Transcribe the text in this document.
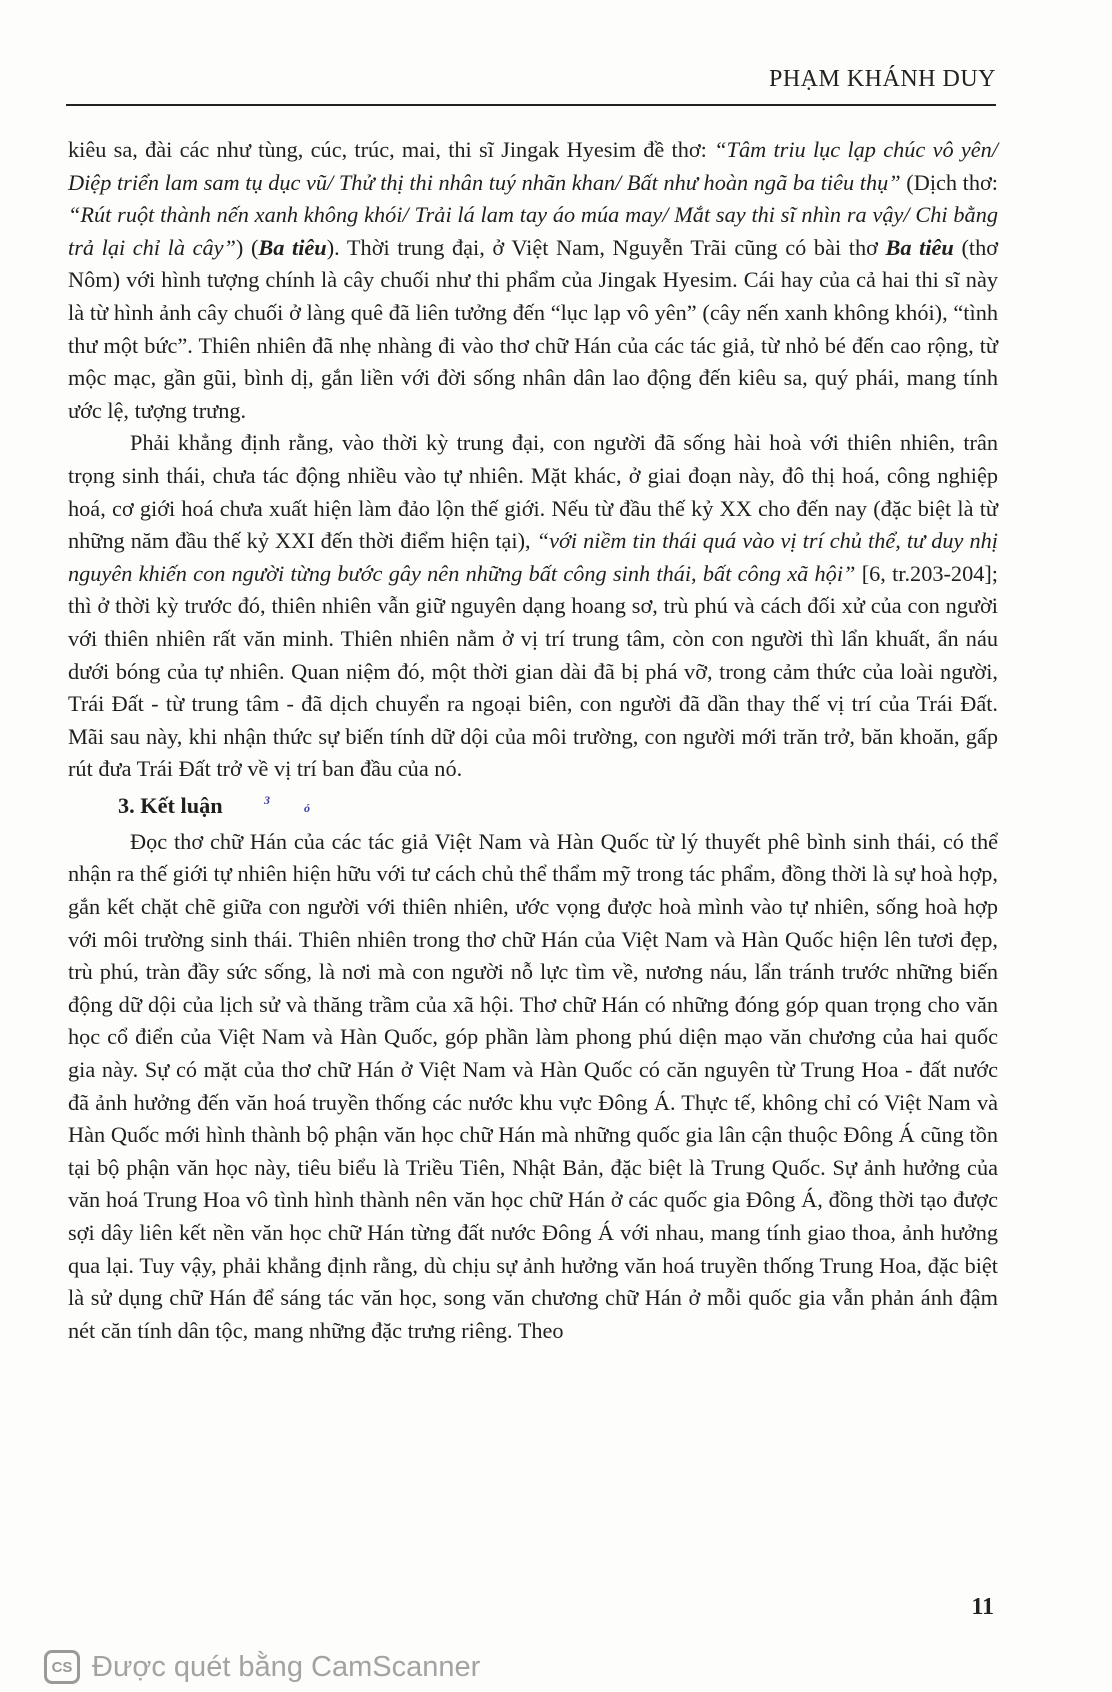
PHẠM KHÁNH DUY

kiêu sa, đài các như tùng, cúc, trúc, mai, thi sĩ Jingak Hyesim đề thơ: “Tâm triu lục lạp chúc vô yên/ Diệp triển lam sam tụ dục vũ/ Thử thị thi nhân tuý nhãn khan/ Bất như hoàn ngã ba tiêu thụ” (Dịch thơ: “Rút ruột thành nến xanh không khói/ Trải lá lam tay áo múa may/ Mắt say thi sĩ nhìn ra vậy/ Chi bằng trả lại chỉ là cây”) (Ba tiêu). Thời trung đại, ở Việt Nam, Nguyễn Trãi cũng có bài thơ Ba tiêu (thơ Nôm) với hình tượng chính là cây chuối như thi phẩm của Jingak Hyesim. Cái hay của cả hai thi sĩ này là từ hình ảnh cây chuối ở làng quê đã liên tưởng đến “lục lạp vô yên” (cây nến xanh không khói), “tình thư một bức”. Thiên nhiên đã nhẹ nhàng đi vào thơ chữ Hán của các tác giả, từ nhỏ bé đến cao rộng, từ mộc mạc, gần gũi, bình dị, gắn liền với đời sống nhân dân lao động đến kiêu sa, quý phái, mang tính ước lệ, tượng trưng.

Phải khẳng định rằng, vào thời kỳ trung đại, con người đã sống hài hoà với thiên nhiên, trân trọng sinh thái, chưa tác động nhiều vào tự nhiên. Mặt khác, ở giai đoạn này, đô thị hoá, công nghiệp hoá, cơ giới hoá chưa xuất hiện làm đảo lộn thế giới. Nếu từ đầu thế kỷ XX cho đến nay (đặc biệt là từ những năm đầu thế kỷ XXI đến thời điểm hiện tại), “với niềm tin thái quá vào vị trí chủ thể, tư duy nhị nguyên khiến con người từng bước gây nên những bất công sinh thái, bất công xã hội” [6, tr.203-204]; thì ở thời kỳ trước đó, thiên nhiên vẫn giữ nguyên dạng hoang sơ, trù phú và cách đối xử của con người với thiên nhiên rất văn minh. Thiên nhiên nằm ở vị trí trung tâm, còn con người thì lẩn khuất, ẩn náu dưới bóng của tự nhiên. Quan niệm đó, một thời gian dài đã bị phá vỡ, trong cảm thức của loài người, Trái Đất - từ trung tâm - đã dịch chuyển ra ngoại biên, con người đã dần thay thế vị trí của Trái Đất. Mãi sau này, khi nhận thức sự biến tính dữ dội của môi trường, con người mới trăn trở, băn khoăn, gấp rút đưa Trái Đất trở về vị trí ban đầu của nó.

3. Kết luận	3
ó

Đọc thơ chữ Hán của các tác giả Việt Nam và Hàn Quốc từ lý thuyết phê bình sinh thái, có thể nhận ra thế giới tự nhiên hiện hữu với tư cách chủ thể thẩm mỹ trong tác phẩm, đồng thời là sự hoà hợp, gắn kết chặt chẽ giữa con người với thiên nhiên, ước vọng được hoà mình vào tự nhiên, sống hoà hợp với môi trường sinh thái. Thiên nhiên trong thơ chữ Hán của Việt Nam và Hàn Quốc hiện lên tươi đẹp, trù phú, tràn đầy sức sống, là nơi mà con người nỗ lực tìm về, nương náu, lẩn tránh trước những biến động dữ dội của lịch sử và thăng trầm của xã hội. Thơ chữ Hán có những đóng góp quan trọng cho văn học cổ điển của Việt Nam và Hàn Quốc, góp phần làm phong phú diện mạo văn chương của hai quốc gia này. Sự có mặt của thơ chữ Hán ở Việt Nam và Hàn Quốc có căn nguyên từ Trung Hoa - đất nước đã ảnh hưởng đến văn hoá truyền thống các nước khu vực Đông Á. Thực tế, không chỉ có Việt Nam và Hàn Quốc mới hình thành bộ phận văn học chữ Hán mà những quốc gia lân cận thuộc Đông Á cũng tồn tại bộ phận văn học này, tiêu biểu là Triều Tiên, Nhật Bản, đặc biệt là Trung Quốc. Sự ảnh hưởng của văn hoá Trung Hoa vô tình hình thành nên văn học chữ Hán ở các quốc gia Đông Á, đồng thời tạo được sợi dây liên kết nền văn học chữ Hán từng đất nước Đông Á với nhau, mang tính giao thoa, ảnh hưởng qua lại. Tuy vậy, phải khẳng định rằng, dù chịu sự ảnh hưởng văn hoá truyền thống Trung Hoa, đặc biệt là sử dụng chữ Hán để sáng tác văn học, song văn chương chữ Hán ở mỗi quốc gia vẫn phản ánh đậm nét căn tính dân tộc, mang những đặc trưng riêng. Theo

11
CS Được quét bằng CamScanner
